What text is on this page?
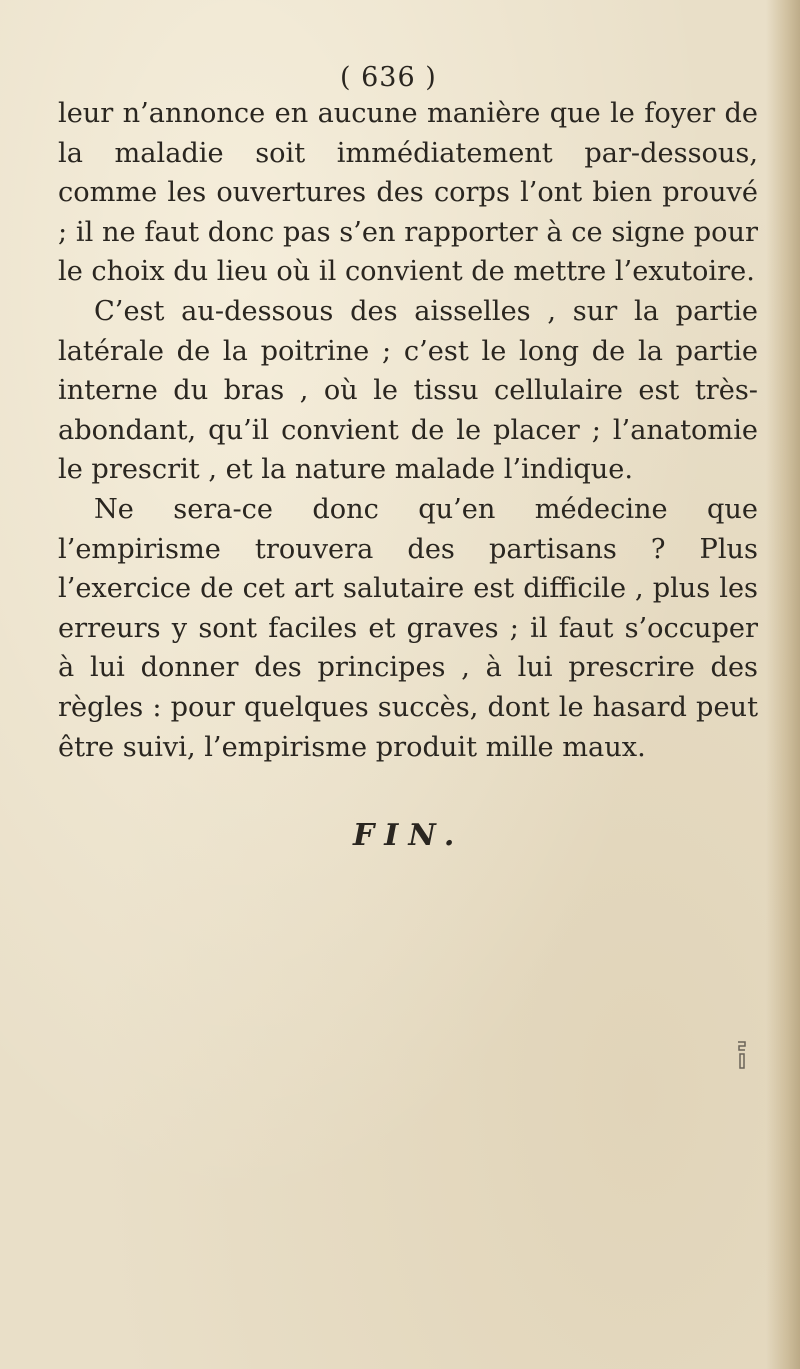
( 636 )

leur n’annonce en aucune manière que le foyer de la maladie soit immédiatement par-dessous, comme les ouvertures des corps l’ont bien prouvé ; il ne faut donc pas s’en rapporter à ce signe pour le choix du lieu où il convient de mettre l’exutoire.

C’est au-dessous des aisselles , sur la partie latérale de la poitrine ; c’est le long de la partie interne du bras , où le tissu cellulaire est très-abondant, qu’il convient de le placer ; l’anatomie le prescrit , et la nature malade l’indique.

Ne sera-ce donc qu’en médecine que l’empirisme trouvera des partisans ? Plus l’exercice de cet art salutaire est difficile , plus les erreurs y sont faciles et graves ; il faut s’occuper à lui donner des principes , à lui prescrire des règles : pour quelques succès, dont le hasard peut être suivi, l’empirisme produit mille maux.

FIN.
